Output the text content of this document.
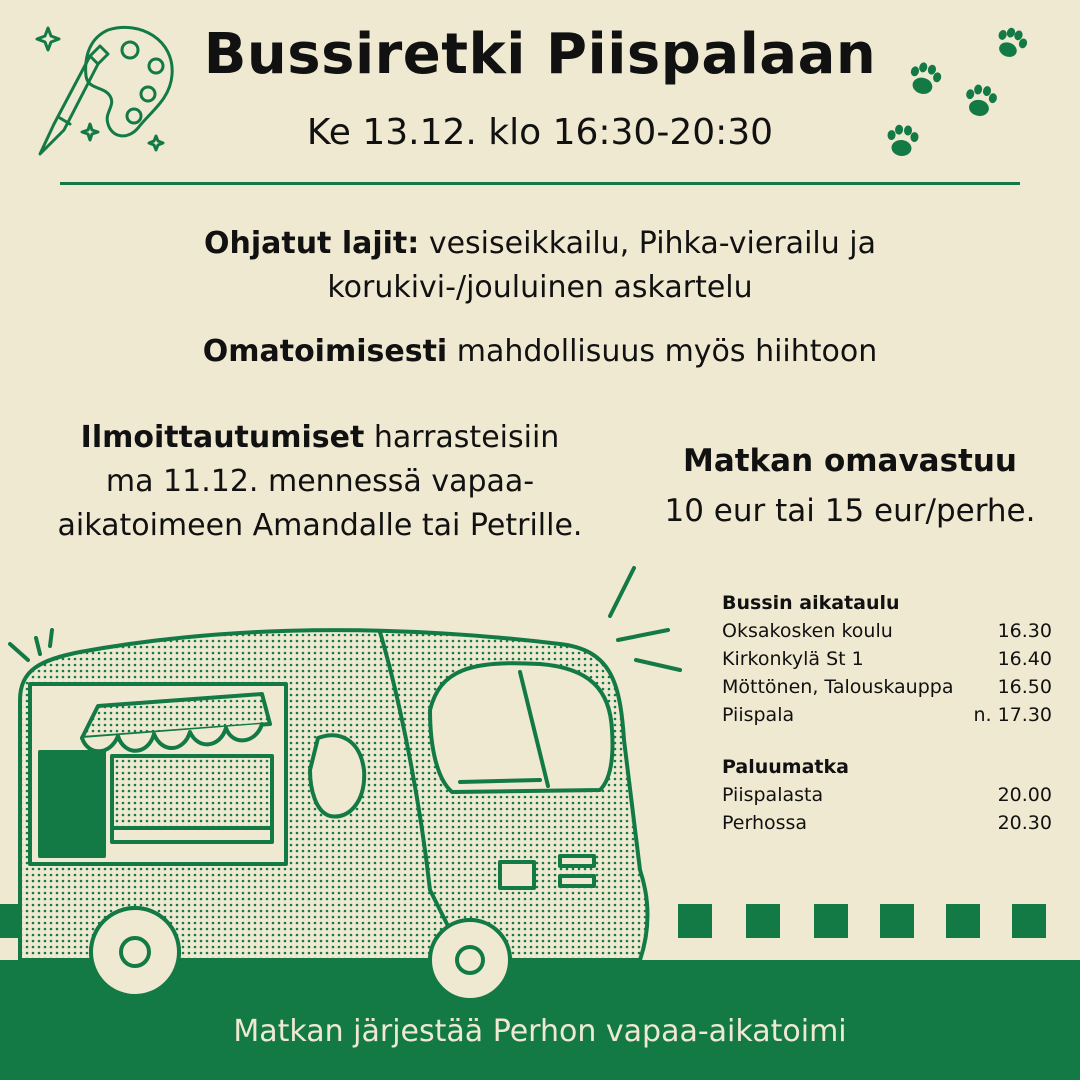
Bussiretki Piispalaan
Ke 13.12. klo 16:30-20:30
Ohjatut lajit: vesiseikkailu, Pihka-vierailu ja
korukivi-/jouluinen askartelu
Omatoimisesti mahdollisuus myös hiihtoon
Ilmoittautumiset harrasteisiin
ma 11.12. mennessä vapaa-
aikatoimeen Amandalle tai Petrille.
Matkan omavastuu
10 eur tai 15 eur/perhe.
Matkan järjestää Perhon vapaa-aikatoimi
Bussin aikataulu
Oksakosken koulu	16.30
Kirkonkylä St 1	16.40
Möttönen, Talouskauppa	16.50
Piispala	n. 17.30
Paluumatka
Piispalasta	20.00
Perhossa	20.30
